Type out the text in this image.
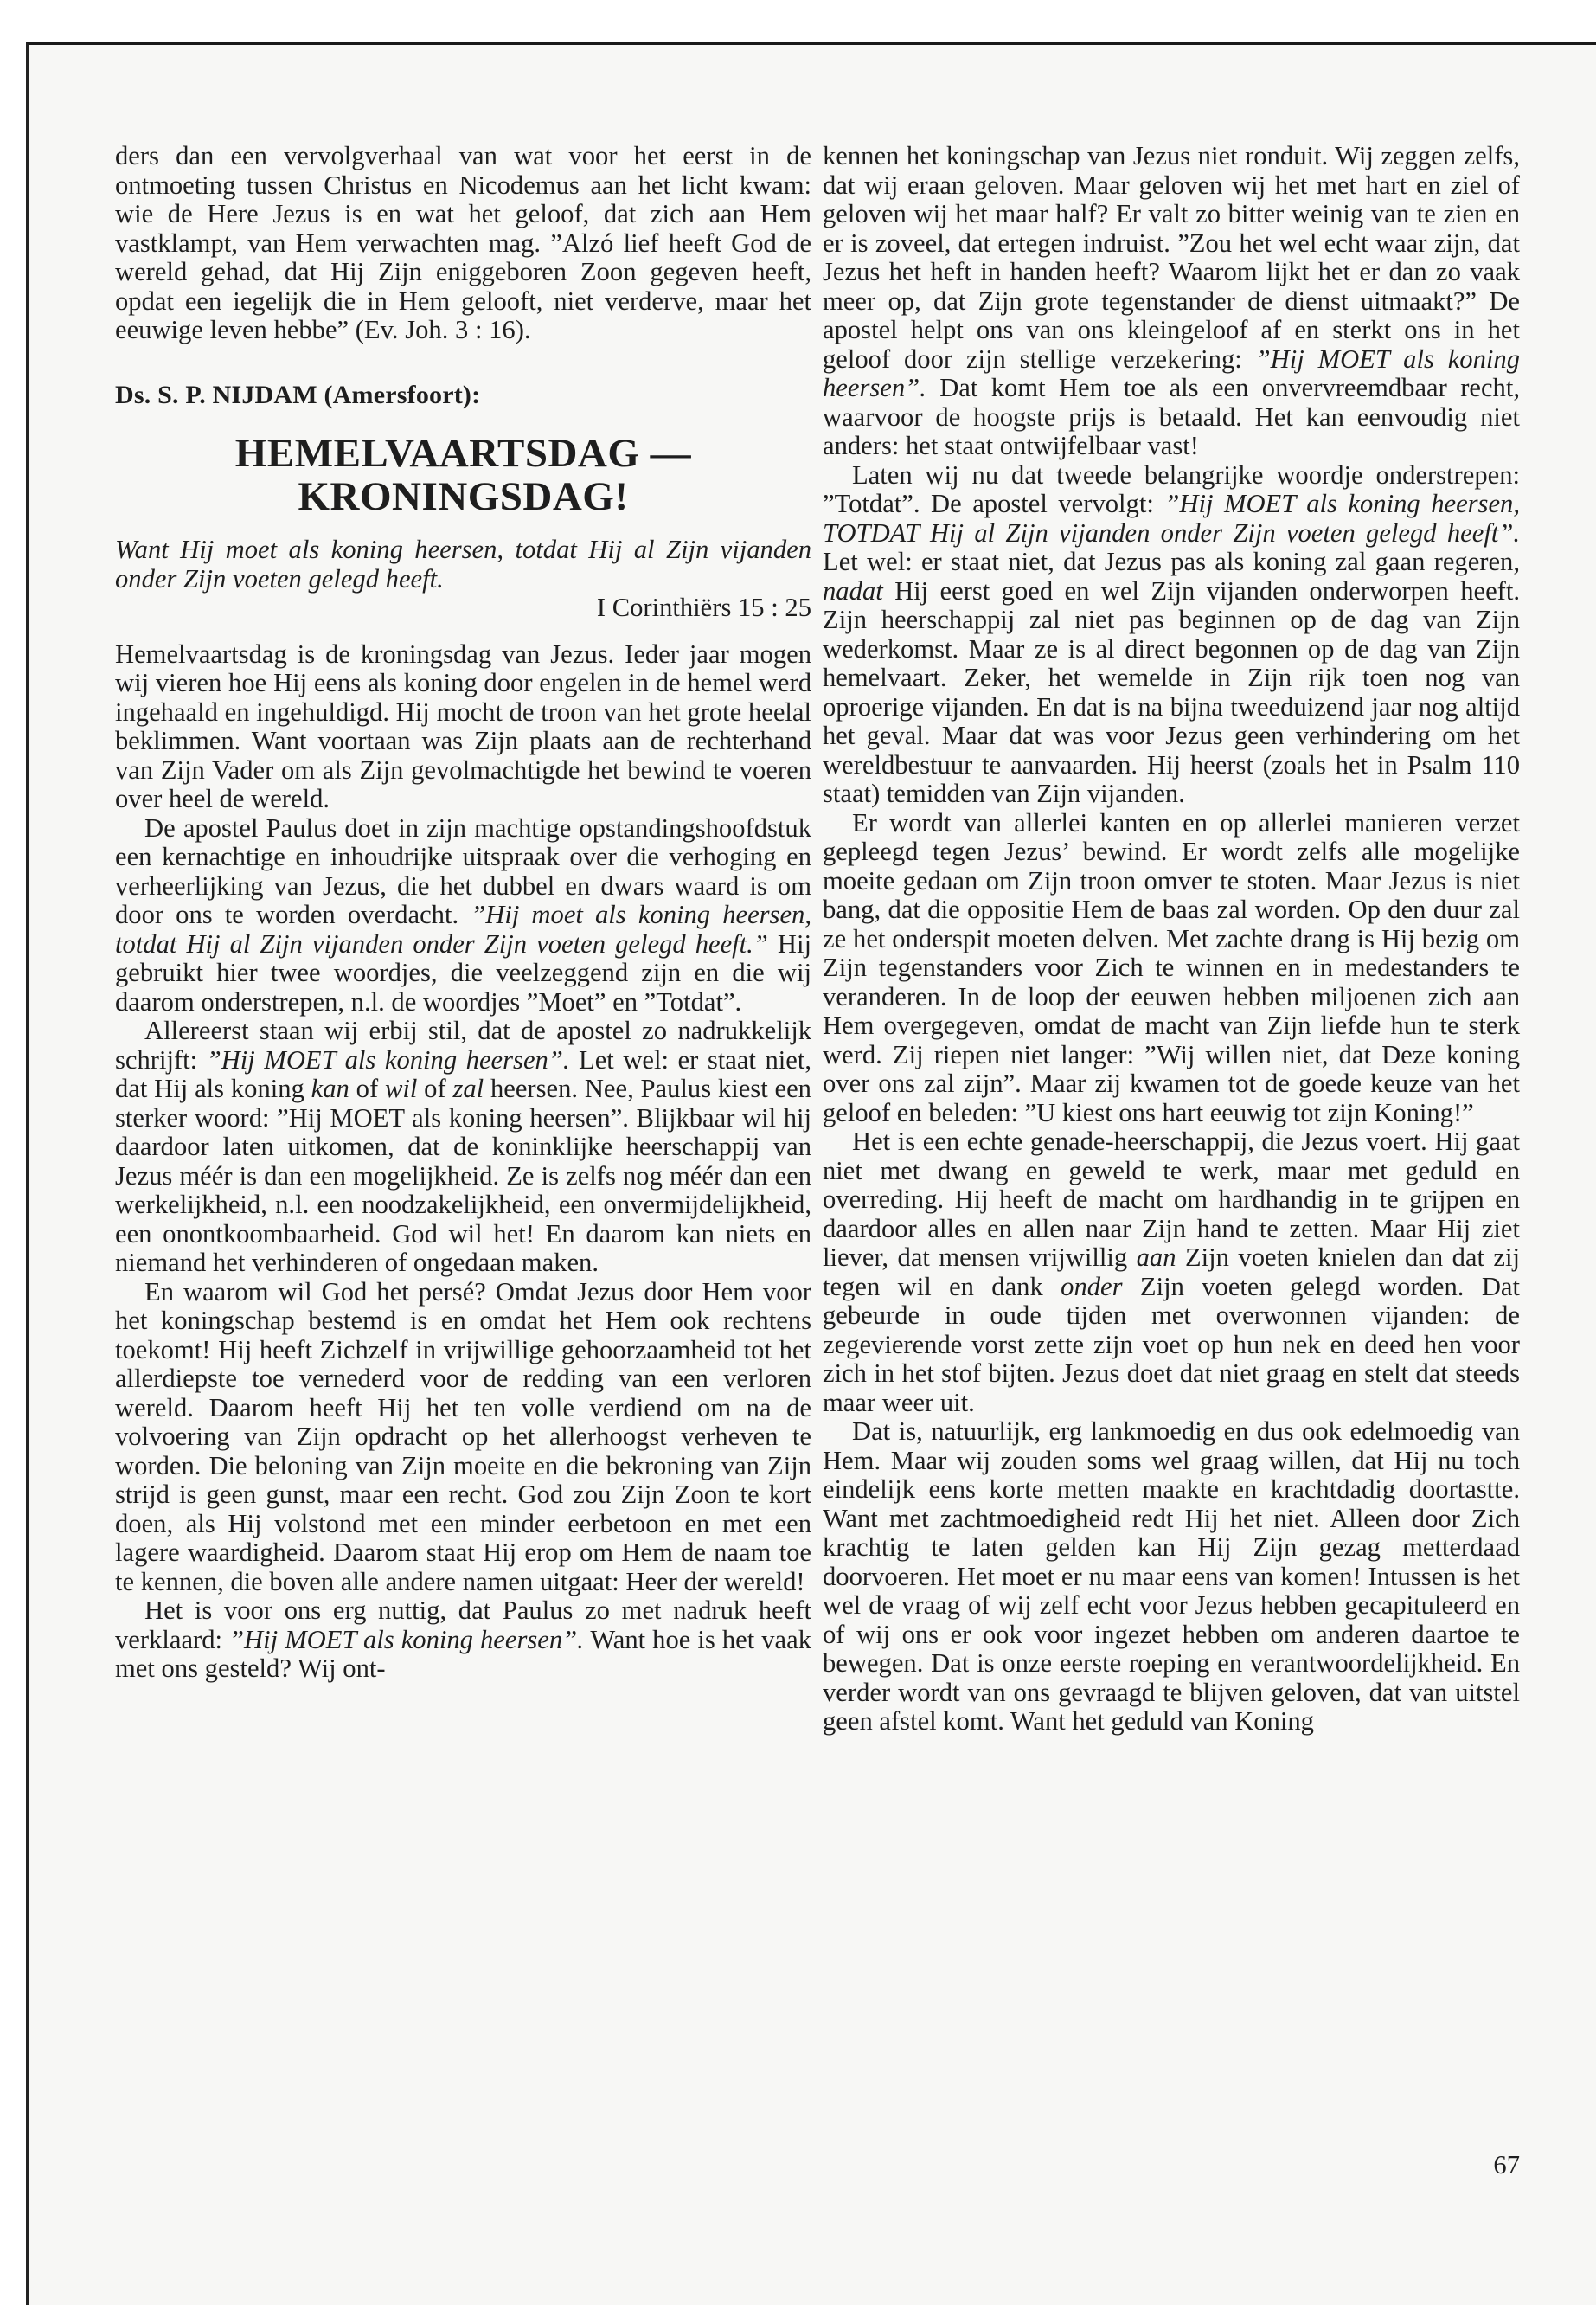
ders dan een vervolgverhaal van wat voor het eerst in de ontmoeting tussen Christus en Nicodemus aan het licht kwam: wie de Here Jezus is en wat het geloof, dat zich aan Hem vastklampt, van Hem verwachten mag. ”Alzó lief heeft God de wereld gehad, dat Hij Zijn eniggeboren Zoon gegeven heeft, opdat een iegelijk die in Hem gelooft, niet verderve, maar het eeuwige leven hebbe” (Ev. Joh. 3 : 16).

Ds. S. P. NIJDAM (Amersfoort):

HEMELVAARTSDAG —
KRONINGSDAG!

Want Hij moet als koning heersen, totdat Hij al Zijn vijanden onder Zijn voeten gelegd heeft.

I Corinthiërs 15 : 25

Hemelvaartsdag is de kroningsdag van Jezus. Ieder jaar mogen wij vieren hoe Hij eens als koning door engelen in de hemel werd ingehaald en ingehuldigd. Hij mocht de troon van het grote heelal beklimmen. Want voortaan was Zijn plaats aan de rechterhand van Zijn Vader om als Zijn gevolmachtigde het bewind te voeren over heel de wereld.

De apostel Paulus doet in zijn machtige opstandingshoofdstuk een kernachtige en inhoudrijke uitspraak over die verhoging en verheerlijking van Jezus, die het dubbel en dwars waard is om door ons te worden overdacht. ”Hij moet als koning heersen, totdat Hij al Zijn vijanden onder Zijn voeten gelegd heeft.” Hij gebruikt hier twee woordjes, die veelzeggend zijn en die wij daarom onderstrepen, n.l. de woordjes ”Moet” en ”Totdat”.

Allereerst staan wij erbij stil, dat de apostel zo nadrukkelijk schrijft: ”Hij MOET als koning heersen”. Let wel: er staat niet, dat Hij als koning kan of wil of zal heersen. Nee, Paulus kiest een sterker woord: ”Hij MOET als koning heersen”. Blijkbaar wil hij daardoor laten uitkomen, dat de koninklijke heerschappij van Jezus méér is dan een mogelijkheid. Ze is zelfs nog méér dan een werkelijkheid, n.l. een noodzakelijkheid, een onvermijdelijkheid, een onontkoombaarheid. God wil het! En daarom kan niets en niemand het verhinderen of ongedaan maken.

En waarom wil God het persé? Omdat Jezus door Hem voor het koningschap bestemd is en omdat het Hem ook rechtens toekomt! Hij heeft Zichzelf in vrijwillige gehoorzaamheid tot het allerdiepste toe vernederd voor de redding van een verloren wereld. Daarom heeft Hij het ten volle verdiend om na de volvoering van Zijn opdracht op het allerhoogst verheven te worden. Die beloning van Zijn moeite en die bekroning van Zijn strijd is geen gunst, maar een recht. God zou Zijn Zoon te kort doen, als Hij volstond met een minder eerbetoon en met een lagere waardigheid. Daarom staat Hij erop om Hem de naam toe te kennen, die boven alle andere namen uitgaat: Heer der wereld!

Het is voor ons erg nuttig, dat Paulus zo met nadruk heeft verklaard: ”Hij MOET als koning heersen”. Want hoe is het vaak met ons gesteld? Wij ont-

kennen het koningschap van Jezus niet ronduit. Wij zeggen zelfs, dat wij eraan geloven. Maar geloven wij het met hart en ziel of geloven wij het maar half? Er valt zo bitter weinig van te zien en er is zoveel, dat ertegen indruist. ”Zou het wel echt waar zijn, dat Jezus het heft in handen heeft? Waarom lijkt het er dan zo vaak meer op, dat Zijn grote tegenstander de dienst uitmaakt?” De apostel helpt ons van ons kleingeloof af en sterkt ons in het geloof door zijn stellige verzekering: ”Hij MOET als koning heersen”. Dat komt Hem toe als een onvervreemdbaar recht, waarvoor de hoogste prijs is betaald. Het kan eenvoudig niet anders: het staat ontwijfelbaar vast!

Laten wij nu dat tweede belangrijke woordje onderstrepen: ”Totdat”. De apostel vervolgt: ”Hij MOET als koning heersen, TOTDAT Hij al Zijn vijanden onder Zijn voeten gelegd heeft”. Let wel: er staat niet, dat Jezus pas als koning zal gaan regeren, nadat Hij eerst goed en wel Zijn vijanden onderworpen heeft. Zijn heerschappij zal niet pas beginnen op de dag van Zijn wederkomst. Maar ze is al direct begonnen op de dag van Zijn hemelvaart. Zeker, het wemelde in Zijn rijk toen nog van oproerige vijanden. En dat is na bijna tweeduizend jaar nog altijd het geval. Maar dat was voor Jezus geen verhindering om het wereldbestuur te aanvaarden. Hij heerst (zoals het in Psalm 110 staat) temidden van Zijn vijanden.

Er wordt van allerlei kanten en op allerlei manieren verzet gepleegd tegen Jezus’ bewind. Er wordt zelfs alle mogelijke moeite gedaan om Zijn troon omver te stoten. Maar Jezus is niet bang, dat die oppositie Hem de baas zal worden. Op den duur zal ze het onderspit moeten delven. Met zachte drang is Hij bezig om Zijn tegenstanders voor Zich te winnen en in medestanders te veranderen. In de loop der eeuwen hebben miljoenen zich aan Hem overgegeven, omdat de macht van Zijn liefde hun te sterk werd. Zij riepen niet langer: ”Wij willen niet, dat Deze koning over ons zal zijn”. Maar zij kwamen tot de goede keuze van het geloof en beleden: ”U kiest ons hart eeuwig tot zijn Koning!”

Het is een echte genade-heerschappij, die Jezus voert. Hij gaat niet met dwang en geweld te werk, maar met geduld en overreding. Hij heeft de macht om hardhandig in te grijpen en daardoor alles en allen naar Zijn hand te zetten. Maar Hij ziet liever, dat mensen vrijwillig aan Zijn voeten knielen dan dat zij tegen wil en dank onder Zijn voeten gelegd worden. Dat gebeurde in oude tijden met overwonnen vijanden: de zegevierende vorst zette zijn voet op hun nek en deed hen voor zich in het stof bijten. Jezus doet dat niet graag en stelt dat steeds maar weer uit.

Dat is, natuurlijk, erg lankmoedig en dus ook edelmoedig van Hem. Maar wij zouden soms wel graag willen, dat Hij nu toch eindelijk eens korte metten maakte en krachtdadig doortastte. Want met zachtmoedigheid redt Hij het niet. Alleen door Zich krachtig te laten gelden kan Hij Zijn gezag metterdaad doorvoeren. Het moet er nu maar eens van komen! Intussen is het wel de vraag of wij zelf echt voor Jezus hebben gecapituleerd en of wij ons er ook voor ingezet hebben om anderen daartoe te bewegen. Dat is onze eerste roeping en verantwoordelijkheid. En verder wordt van ons gevraagd te blijven geloven, dat van uitstel geen afstel komt. Want het geduld van Koning

67
